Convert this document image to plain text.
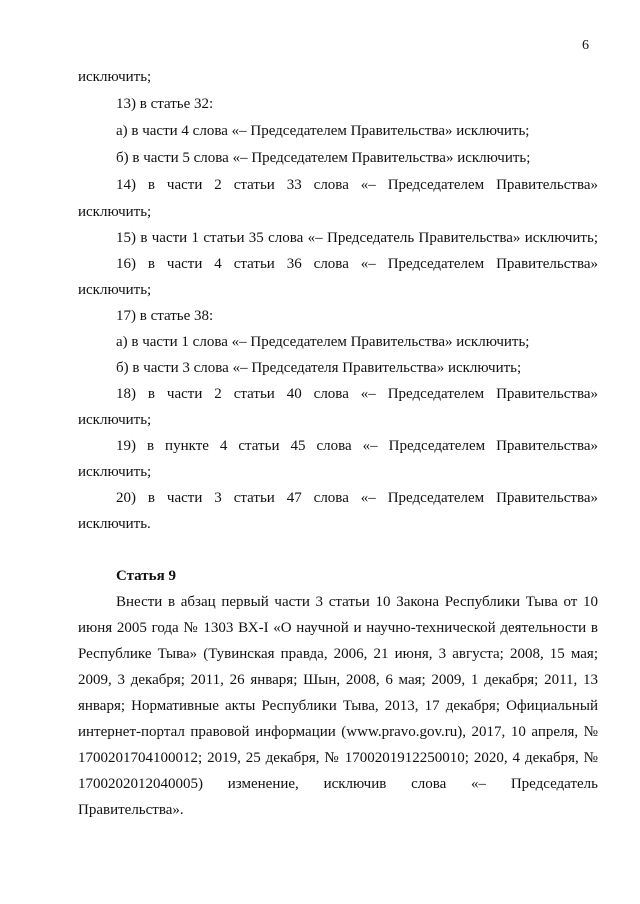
6
исключить;
13) в статье 32:
а) в части 4 слова «– Председателем Правительства» исключить;
б) в части 5 слова «– Председателем Правительства» исключить;
14) в части 2 статьи 33 слова «– Председателем Правительства»
исключить;
15) в части 1 статьи 35 слова «– Председатель Правительства» исключить;
16) в части 4 статьи 36 слова «– Председателем Правительства»
исключить;
17) в статье 38:
а) в части 1 слова «– Председателем Правительства» исключить;
б) в части 3 слова «– Председателя Правительства» исключить;
18) в части 2 статьи 40 слова «– Председателем Правительства»
исключить;
19) в пункте 4 статьи 45 слова «– Председателем Правительства»
исключить;
20) в части 3 статьи 47 слова «– Председателем Правительства»
исключить.
Статья 9
Внести в абзац первый части 3 статьи 10 Закона Республики Тыва от 10
июня 2005 года № 1303 ВХ-I «О научной и научно-технической деятельности в
Республике Тыва» (Тувинская правда, 2006, 21 июня, 3 августа; 2008, 15 мая;
2009, 3 декабря; 2011, 26 января; Шын, 2008, 6 мая; 2009, 1 декабря; 2011, 13
января; Нормативные акты Республики Тыва, 2013, 17 декабря; Официальный
интернет-портал правовой информации (www.pravo.gov.ru), 2017, 10 апреля, №
1700201704100012; 2019, 25 декабря, № 1700201912250010; 2020, 4 декабря, №
1700202012040005) изменение, исключив слова «– Председатель
Правительства».
